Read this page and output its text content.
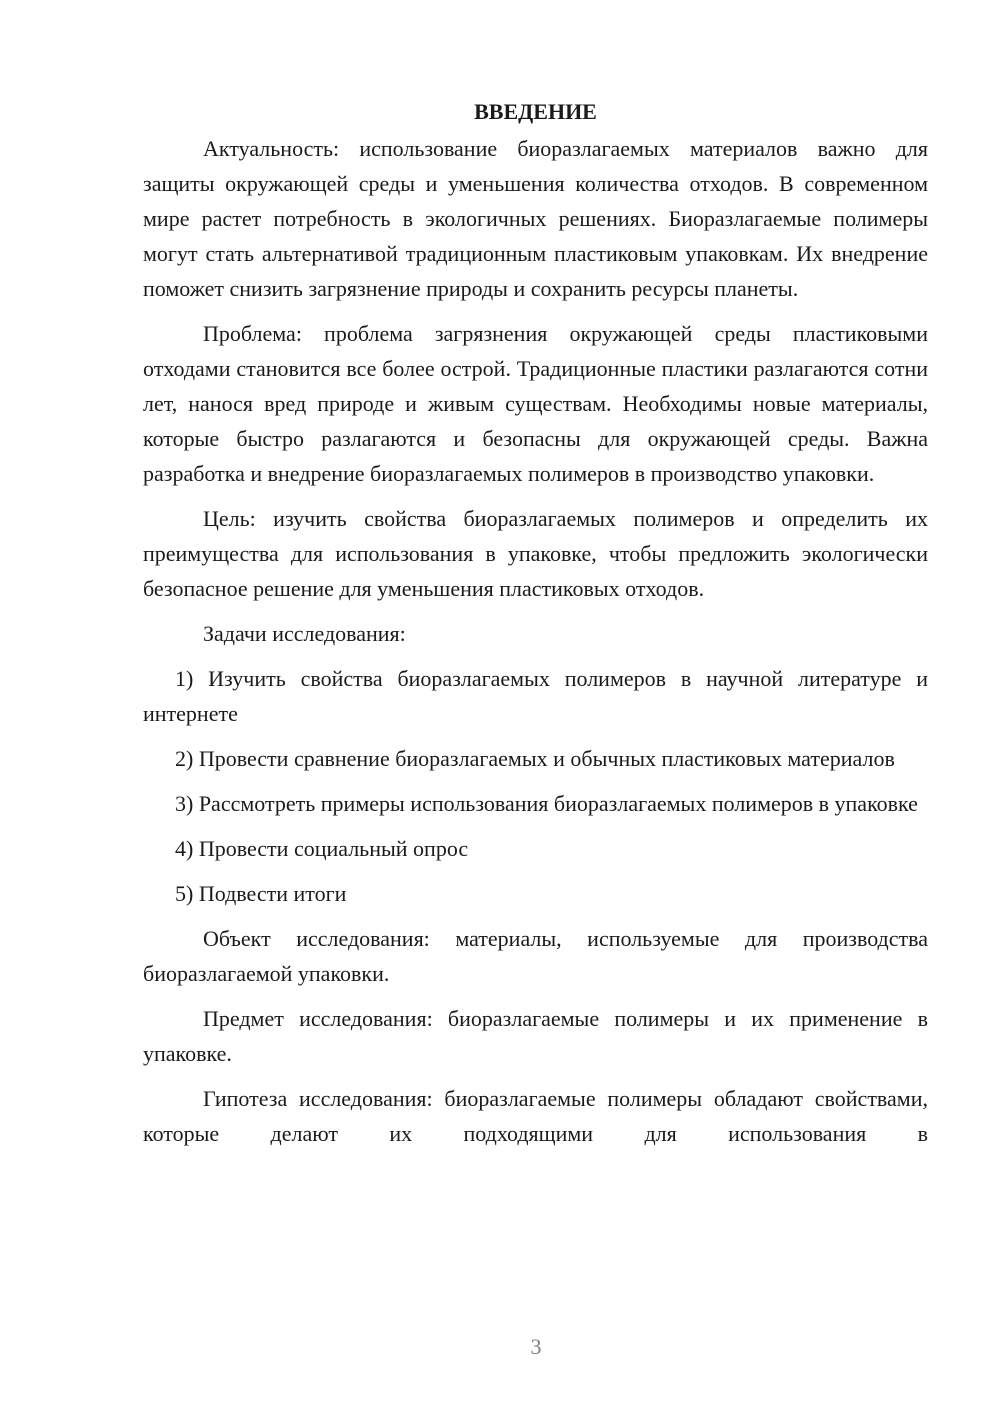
ВВЕДЕНИЕ

Актуальность: использование биоразлагаемых материалов важно для защиты окружающей среды и уменьшения количества отходов. В современном мире растет потребность в экологичных решениях. Биоразлагаемые полимеры могут стать альтернативой традиционным пластиковым упаковкам. Их внедрение поможет снизить загрязнение природы и сохранить ресурсы планеты.

Проблема: проблема загрязнения окружающей среды пластиковыми отходами становится все более острой. Традиционные пластики разлагаются сотни лет, нанося вред природе и живым существам. Необходимы новые материалы, которые быстро разлагаются и безопасны для окружающей среды. Важна разработка и внедрение биоразлагаемых полимеров в производство упаковки.

Цель: изучить свойства биоразлагаемых полимеров и определить их преимущества для использования в упаковке, чтобы предложить экологически безопасное решение для уменьшения пластиковых отходов.

Задачи исследования:

1) Изучить свойства биоразлагаемых полимеров в научной литературе и интернете

2) Провести сравнение биоразлагаемых и обычных пластиковых материалов

3) Рассмотреть примеры использования биоразлагаемых полимеров в упаковке

4) Провести социальный опрос

5) Подвести итоги

Объект исследования: материалы, используемые для производства биоразлагаемой упаковки.

Предмет исследования: биоразлагаемые полимеры и их применение в упаковке.

Гипотеза исследования: биоразлагаемые полимеры обладают свойствами, которые делают их подходящими для использования в

3
